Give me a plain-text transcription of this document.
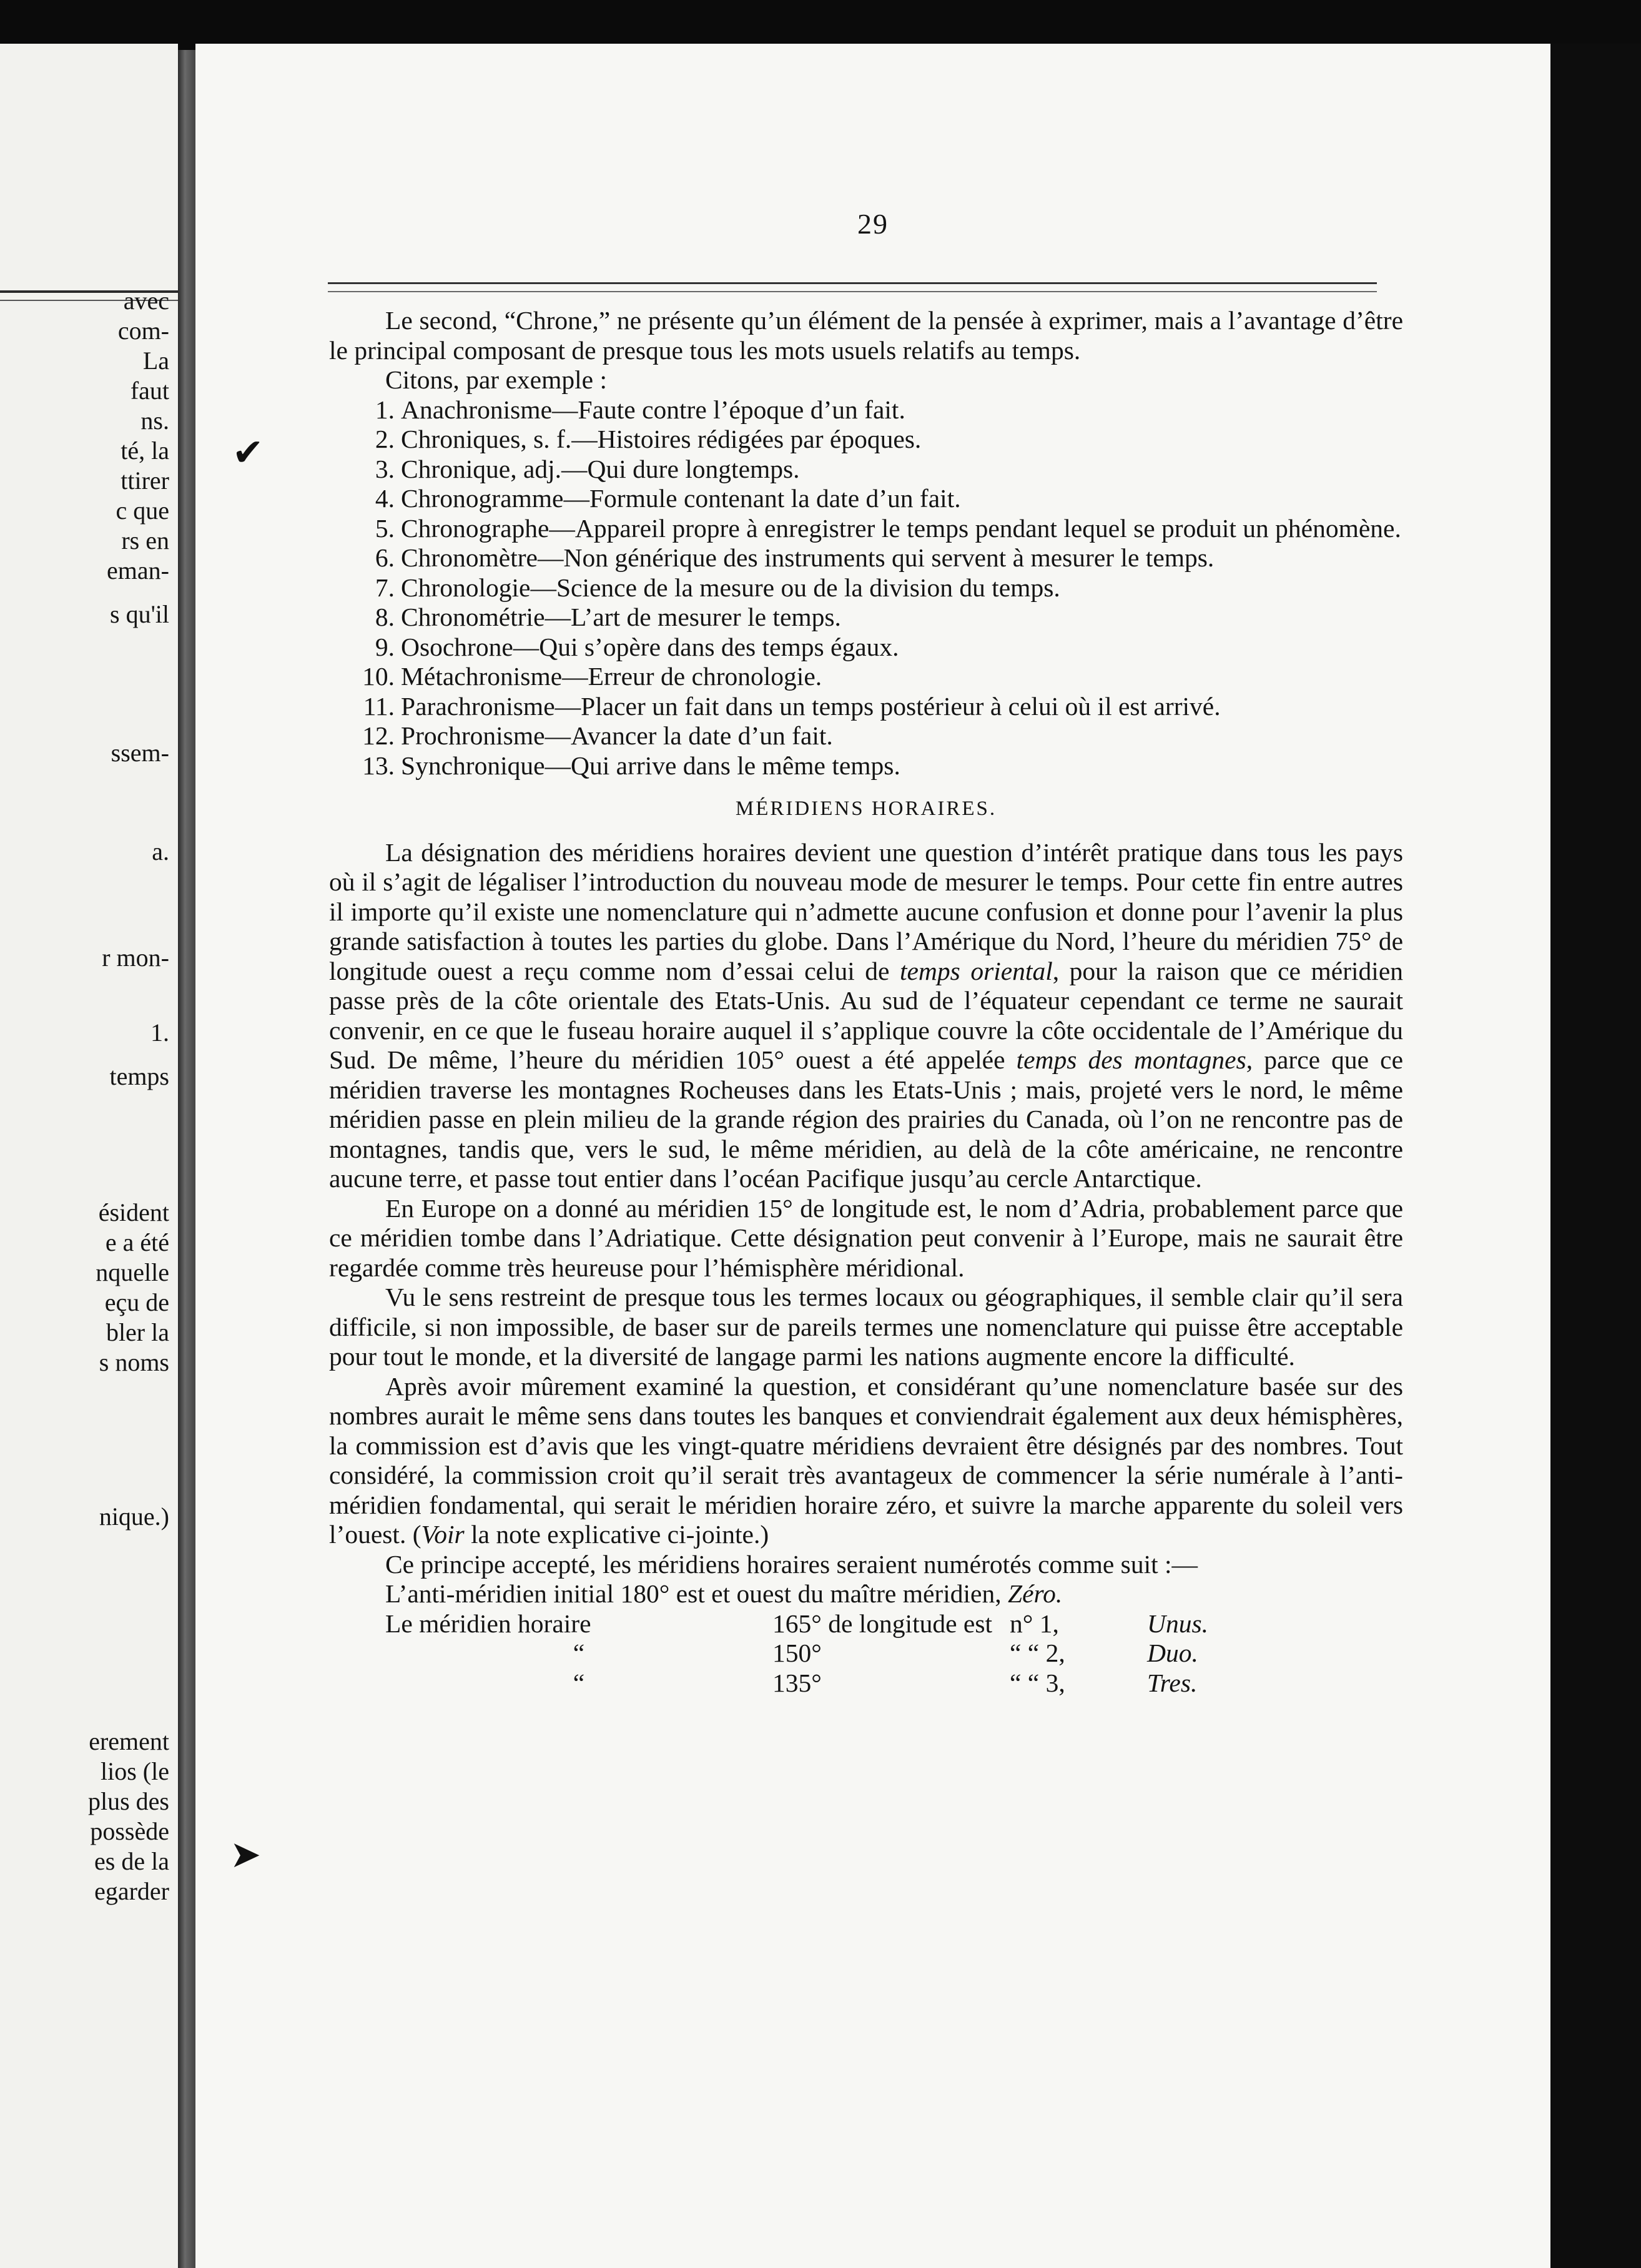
avec
com-
La
faut
ns.
té, la
ttirer
c que
rs en
eman-
s qu'il
ssem-
a.
r mon-
1.
temps
ésident
e a été
nquelle
eçu de
bler la
s noms
nique.)
erement
lios (le
plus des
possède
es de la
egarder
29

Le second, “Chrone,” ne présente qu’un élément de la pensée à exprimer, mais a l’avantage d’être le principal composant de presque tous les mots usuels relatifs au temps.

Citons, par exemple :

1. Anachronisme—Faute contre l’époque d’un fait.

2. Chroniques, s. f.—Histoires rédigées par époques.

3. Chronique, adj.—Qui dure longtemps.

4. Chronogramme—Formule contenant la date d’un fait.

5. Chronographe—Appareil propre à enregistrer le temps pendant lequel se produit un phénomène.

6. Chronomètre—Non générique des instruments qui servent à mesurer le temps.

7. Chronologie—Science de la mesure ou de la division du temps.

8. Chronométrie—L’art de mesurer le temps.

9. Osochrone—Qui s’opère dans des temps égaux.

10. Métachronisme—Erreur de chronologie.

11. Parachronisme—Placer un fait dans un temps postérieur à celui où il est arrivé.

12. Prochronisme—Avancer la date d’un fait.

13. Synchronique—Qui arrive dans le même temps.

MÉRIDIENS HORAIRES.

La désignation des méridiens horaires devient une question d’intérêt pratique dans tous les pays où il s’agit de légaliser l’introduction du nouveau mode de mesurer le temps. Pour cette fin entre autres il importe qu’il existe une nomenclature qui n’admette aucune confusion et donne pour l’avenir la plus grande satisfaction à toutes les parties du globe. Dans l’Amérique du Nord, l’heure du méridien 75° de longitude ouest a reçu comme nom d’essai celui de temps oriental, pour la raison que ce méridien passe près de la côte orientale des Etats-Unis. Au sud de l’équateur cependant ce terme ne saurait convenir, en ce que le fuseau horaire auquel il s’applique couvre la côte occidentale de l’Amérique du Sud. De même, l’heure du méridien 105° ouest a été appelée temps des montagnes, parce que ce méridien traverse les montagnes Rocheuses dans les Etats-Unis ; mais, projeté vers le nord, le même méridien passe en plein milieu de la grande région des prairies du Canada, où l’on ne rencontre pas de montagnes, tandis que, vers le sud, le même méridien, au delà de la côte américaine, ne rencontre aucune terre, et passe tout entier dans l’océan Pacifique jusqu’au cercle Antarctique.

En Europe on a donné au méridien 15° de longitude est, le nom d’Adria, probablement parce que ce méridien tombe dans l’Adriatique. Cette désignation peut convenir à l’Europe, mais ne saurait être regardée comme très heureuse pour l’hémisphère méridional.

Vu le sens restreint de presque tous les termes locaux ou géographiques, il semble clair qu’il sera difficile, si non impossible, de baser sur de pareils termes une nomenclature qui puisse être acceptable pour tout le monde, et la diversité de langage parmi les nations augmente encore la difficulté.

Après avoir mûrement examiné la question, et considérant qu’une nomenclature basée sur des nombres aurait le même sens dans toutes les banques et conviendrait également aux deux hémisphères, la commission est d’avis que les vingt-quatre méridiens devraient être désignés par des nombres. Tout considéré, la commission croit qu’il serait très avantageux de commencer la série numérale à l’anti-méridien fondamental, qui serait le méridien horaire zéro, et suivre la marche apparente du soleil vers l’ouest. (Voir la note explicative ci-jointe.)

Ce principe accepté, les méridiens horaires seraient numérotés comme suit :—

L’anti-méridien initial 180° est et ouest du maître méridien, Zéro.

Le méridien horaire	165° de longitude est n° 1,	Unus.
“	150°	“ “ 2,	Duo.
“	135°	“ “ 3,	Tres.
✔
➤
